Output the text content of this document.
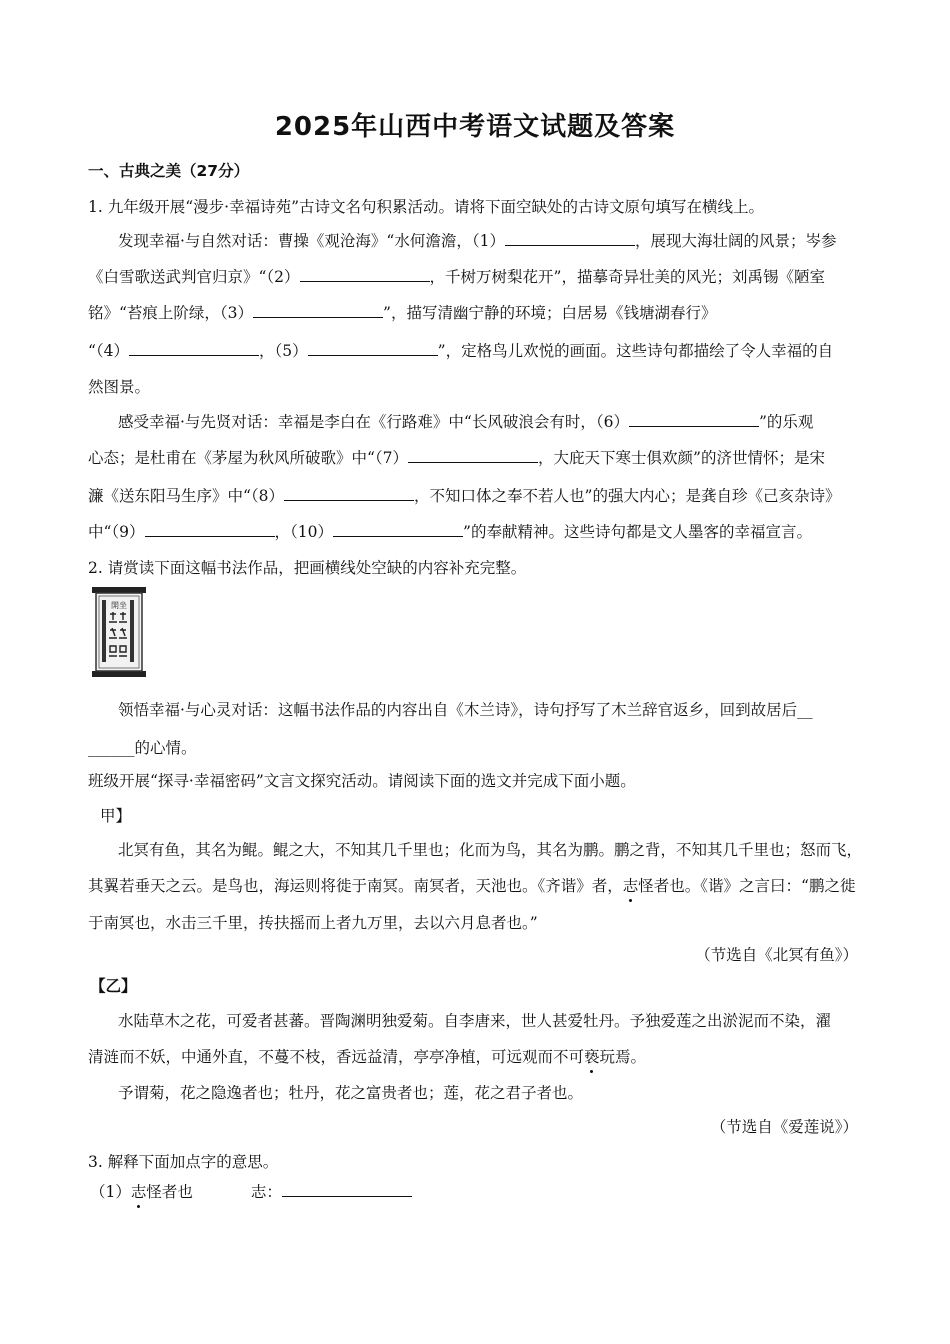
2025年山西中考语文试题及答案
一、古典之美（27分）
1. 九年级开展“漫步·幸福诗苑”古诗文名句积累活动。请将下面空缺处的古诗文原句填写在横线上。
发现幸福·与自然对话：曹操《观沧海》“水何澹澹，（1）	，展现大海壮阔的风景；岑参
《白雪歌送武判官归京》“（2）	，千树万树梨花开”，描摹奇异壮美的风光；刘禹锡《陋室
铭》“苔痕上阶绿，（3）	”，描写清幽宁静的环境；白居易《钱塘湖春行》
“（4）	，（5）	”，定格鸟儿欢悦的画面。这些诗句都描绘了令人幸福的自
然图景。
感受幸福·与先贤对话：幸福是李白在《行路难》中“长风破浪会有时，（6）	”的乐观
心态；是杜甫在《茅屋为秋风所破歌》中“（7）	，大庇天下寒士俱欢颜”的济世情怀；是宋
濂《送东阳马生序》中“（8）	，不知口体之奉不若人也”的强大内心；是龚自珍《己亥杂诗》
中“（9）	，（10）	”的奉献精神。这些诗句都是文人墨客的幸福宣言。
2. 请赏读下面这幅书法作品，把画横线处空缺的内容补充完整。
開坐
领悟幸福·与心灵对话：这幅书法作品的内容出自《木兰诗》，诗句抒写了木兰辞官返乡，回到故居后__
______的心情。
班级开展“探寻·幸福密码”文言文探究活动。请阅读下面的选文并完成下面小题。
甲】
北冥有鱼，其名为鲲。鲲之大，不知其几千里也；化而为鸟，其名为鹏。鹏之背，不知其几千里也；怒而飞，
其翼若垂天之云。是鸟也，海运则将徙于南冥。南冥者，天池也。《齐谐》者，志怪者也。《谐》之言曰：“鹏之徙
于南冥也，水击三千里，抟扶摇而上者九万里，去以六月息者也。”
（节选自《北冥有鱼》）
【乙】
水陆草木之花，可爱者甚蕃。晋陶渊明独爱菊。自李唐来，世人甚爱牡丹。予独爱莲之出淤泥而不染，濯
清涟而不妖，中通外直，不蔓不枝，香远益清，亭亭净植，可远观而不可亵玩焉。
予谓菊，花之隐逸者也；牡丹，花之富贵者也；莲，花之君子者也。
（节选自《爱莲说》）
3. 解释下面加点字的意思。
（1）志怪者也	志：
